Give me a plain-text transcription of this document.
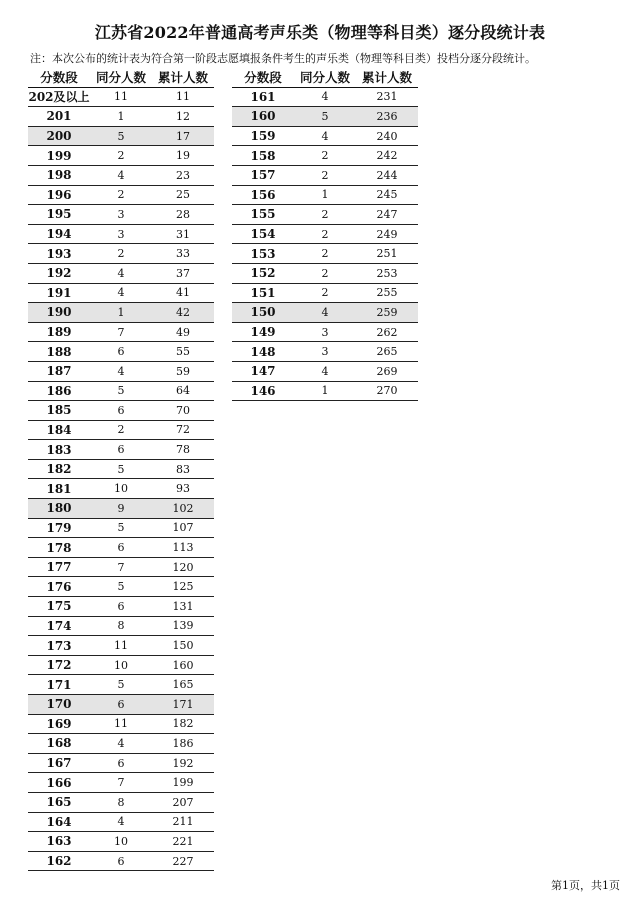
江苏省2022年普通高考声乐类（物理等科目类）逐分段统计表
注：本次公布的统计表为符合第一阶段志愿填报条件考生的声乐类（物理等科目类）投档分逐分段统计。
分数段	同分人数	累计人数
202及以上	11	11
201	1	12
200	5	17
199	2	19
198	4	23
196	2	25
195	3	28
194	3	31
193	2	33
192	4	37
191	4	41
190	1	42
189	7	49
188	6	55
187	4	59
186	5	64
185	6	70
184	2	72
183	6	78
182	5	83
181	10	93
180	9	102
179	5	107
178	6	113
177	7	120
176	5	125
175	6	131
174	8	139
173	11	150
172	10	160
171	5	165
170	6	171
169	11	182
168	4	186
167	6	192
166	7	199
165	8	207
164	4	211
163	10	221
162	6	227
分数段	同分人数	累计人数
161	4	231
160	5	236
159	4	240
158	2	242
157	2	244
156	1	245
155	2	247
154	2	249
153	2	251
152	2	253
151	2	255
150	4	259
149	3	262
148	3	265
147	4	269
146	1	270
第1页，共1页
